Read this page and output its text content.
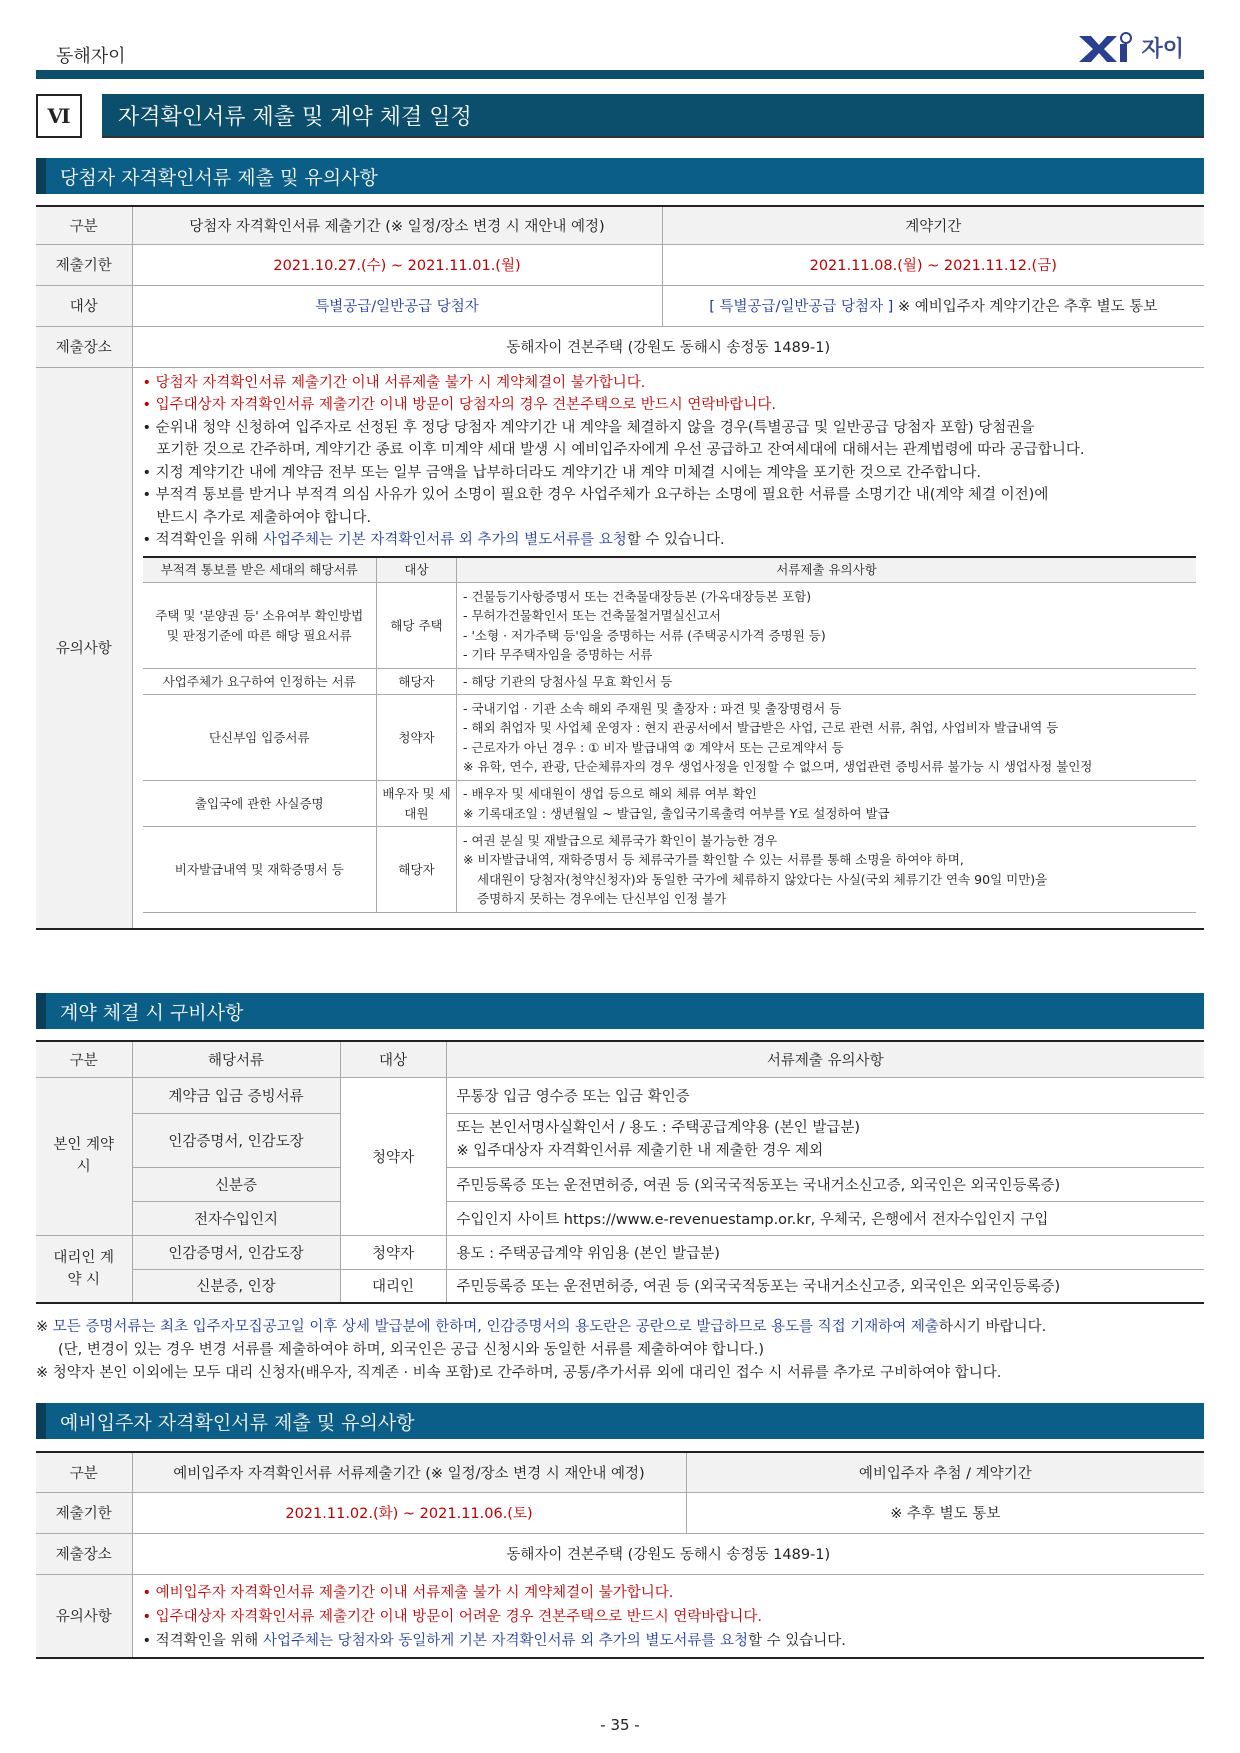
동해자이	자이
Ⅵ	자격확인서류 제출 및 계약 체결 일정
당첨자 자격확인서류 제출 및 유의사항
구분	당첨자 자격확인서류 제출기간 (※ 일정/장소 변경 시 재안내 예정)	계약기간
제출기한	2021.10.27.(수) ~ 2021.11.01.(월)	2021.11.08.(월) ~ 2021.11.12.(금)
대상	특별공급/일반공급 당첨자	[ 특별공급/일반공급 당첨자 ] ※ 예비입주자 계약기간은 추후 별도 통보
제출장소	동해자이 견본주택 (강원도 동해시 송정동 1489-1)
유의사항	
• 당첨자 자격확인서류 제출기간 이내 서류제출 불가 시 계약체결이 불가합니다.
• 입주대상자 자격확인서류 제출기간 이내 방문이 당첨자의 경우 견본주택으로 반드시 연락바랍니다.
• 순위내 청약 신청하여 입주자로 선정된 후 정당 당첨자 계약기간 내 계약을 체결하지 않을 경우(특별공급 및 일반공급 당첨자 포함) 당첨권을
포기한 것으로 간주하며, 계약기간 종료 이후 미계약 세대 발생 시 예비입주자에게 우선 공급하고 잔여세대에 대해서는 관계법령에 따라 공급합니다.
• 지정 계약기간 내에 계약금 전부 또는 일부 금액을 납부하더라도 계약기간 내 계약 미체결 시에는 계약을 포기한 것으로 간주합니다.
• 부적격 통보를 받거나 부적격 의심 사유가 있어 소명이 필요한 경우 사업주체가 요구하는 소명에 필요한 서류를 소명기간 내(계약 체결 이전)에
반드시 추가로 제출하여야 합니다.
• 적격확인을 위해 사업주체는 기본 자격확인서류 외 추가의 별도서류를 요청할 수 있습니다.
부적격 통보를 받은 세대의 해당서류	대상	서류제출 유의사항
주택 및 '분양권 등' 소유여부 확인방법 및 판정기준에 따른 해당 필요서류	해당 주택	
- 건물등기사항증명서 또는 건축물대장등본 (가옥대장등본 포함)
- 무허가건물확인서 또는 건축물철거멸실신고서
- '소형 · 저가주택 등'임을 증명하는 서류 (주택공시가격 증명원 등)
- 기타 무주택자임을 증명하는 서류

사업주체가 요구하여 인정하는 서류	해당자	- 해당 기관의 당첨사실 무효 확인서 등
단신부임 입증서류	청약자	
- 국내기업 · 기관 소속 해외 주재원 및 출장자 : 파견 및 출장명령서 등
- 해외 취업자 및 사업체 운영자 : 현지 관공서에서 발급받은 사업, 근로 관련 서류, 취업, 사업비자 발급내역 등
- 근로자가 아닌 경우 : ① 비자 발급내역 ② 계약서 또는 근로계약서 등
※ 유학, 연수, 관광, 단순체류자의 경우 생업사정을 인정할 수 없으며, 생업관련 증빙서류 불가능 시 생업사정 불인정

출입국에 관한 사실증명	배우자 및 세대원	
- 배우자 및 세대원이 생업 등으로 해외 체류 여부 확인
※ 기록대조일 : 생년월일 ~ 발급일, 출입국기록출력 여부를 Y로 설정하여 발급

비자발급내역 및 재학증명서 등	해당자	
- 여권 분실 및 재발급으로 체류국가 확인이 불가능한 경우
※ 비자발급내역, 재학증명서 등 체류국가를 확인할 수 있는 서류를 통해 소명을 하여야 하며,
세대원이 당첨자(청약신청자)와 동일한 국가에 체류하지 않았다는 사실(국외 체류기간 연속 90일 미만)을
증명하지 못하는 경우에는 단신부임 인정 불가
계약 체결 시 구비사항
구분	해당서류	대상	서류제출 유의사항
본인 계약 시	계약금 입금 증빙서류	청약자	무통장 입금 영수증 또는 입금 확인증
	인감증명서, 인감도장		또는 본인서명사실확인서 / 용도 : 주택공급계약용 (본인 발급분)
※ 입주대상자 자격확인서류 제출기한 내 제출한 경우 제외

	신분증		주민등록증 또는 운전면허증, 여권 등 (외국국적동포는 국내거소신고증, 외국인은 외국인등록증)
	전자수입인지		수입인지 사이트 https://www.e-revenuestamp.or.kr, 우체국, 은행에서 전자수입인지 구입
대리인 계약 시	인감증명서, 인감도장	청약자	용도 : 주택공급계약 위임용 (본인 발급분)
	신분증, 인장	대리인	주민등록증 또는 운전면허증, 여권 등 (외국국적동포는 국내거소신고증, 외국인은 외국인등록증)
※ 모든 증명서류는 최초 입주자모집공고일 이후 상세 발급분에 한하며, 인감증명서의 용도란은 공란으로 발급하므로 용도를 직접 기재하여 제출하시기 바랍니다.
(단, 변경이 있는 경우 변경 서류를 제출하여야 하며, 외국인은 공급 신청시와 동일한 서류를 제출하여야 합니다.)
※ 청약자 본인 이외에는 모두 대리 신청자(배우자, 직계존 · 비속 포함)로 간주하며, 공통/추가서류 외에 대리인 접수 시 서류를 추가로 구비하여야 합니다.
예비입주자 자격확인서류 제출 및 유의사항
구분	예비입주자 자격확인서류 서류제출기간 (※ 일정/장소 변경 시 재안내 예정)	예비입주자 추첨 / 계약기간
제출기한	2021.11.02.(화) ~ 2021.11.06.(토)	※ 추후 별도 통보
제출장소	동해자이 견본주택 (강원도 동해시 송정동 1489-1)	
유의사항	• 예비입주자 자격확인서류 제출기간 이내 서류제출 불가 시 계약체결이 불가합니다.
• 입주대상자 자격확인서류 제출기간 이내 방문이 어려운 경우 견본주택으로 반드시 연락바랍니다.
• 적격확인을 위해 사업주체는 당첨자와 동일하게 기본 자격확인서류 외 추가의 별도서류를 요청할 수 있습니다.	
- 35 -
